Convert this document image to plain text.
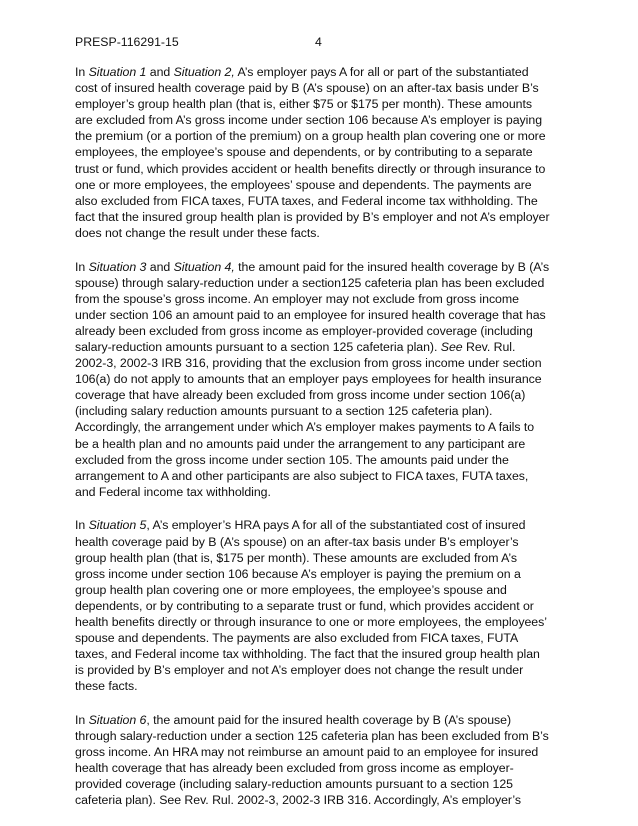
PRESP-116291-15	4

In Situation 1 and Situation 2, A’s employer pays A for all or part of the substantiated
cost of insured health coverage paid by B (A’s spouse) on an after-tax basis under B’s
employer’s group health plan (that is, either $75 or $175 per month). These amounts
are excluded from A’s gross income under section 106 because A’s employer is paying
the premium (or a portion of the premium) on a group health plan covering one or more
employees, the employee’s spouse and dependents, or by contributing to a separate
trust or fund, which provides accident or health benefits directly or through insurance to
one or more employees, the employees’ spouse and dependents. The payments are
also excluded from FICA taxes, FUTA taxes, and Federal income tax withholding. The
fact that the insured group health plan is provided by B’s employer and not A’s employer
does not change the result under these facts.

In Situation 3 and Situation 4, the amount paid for the insured health coverage by B (A’s
spouse) through salary-reduction under a section125 cafeteria plan has been excluded
from the spouse’s gross income. An employer may not exclude from gross income
under section 106 an amount paid to an employee for insured health coverage that has
already been excluded from gross income as employer-provided coverage (including
salary-reduction amounts pursuant to a section 125 cafeteria plan). See Rev. Rul.
2002-3, 2002-3 IRB 316, providing that the exclusion from gross income under section
106(a) do not apply to amounts that an employer pays employees for health insurance
coverage that have already been excluded from gross income under section 106(a)
(including salary reduction amounts pursuant to a section 125 cafeteria plan).
Accordingly, the arrangement under which A’s employer makes payments to A fails to
be a health plan and no amounts paid under the arrangement to any participant are
excluded from the gross income under section 105. The amounts paid under the
arrangement to A and other participants are also subject to FICA taxes, FUTA taxes,
and Federal income tax withholding.

In Situation 5, A’s employer’s HRA pays A for all of the substantiated cost of insured
health coverage paid by B (A’s spouse) on an after-tax basis under B’s employer’s
group health plan (that is, $175 per month). These amounts are excluded from A’s
gross income under section 106 because A’s employer is paying the premium on a
group health plan covering one or more employees, the employee’s spouse and
dependents, or by contributing to a separate trust or fund, which provides accident or
health benefits directly or through insurance to one or more employees, the employees’
spouse and dependents. The payments are also excluded from FICA taxes, FUTA
taxes, and Federal income tax withholding. The fact that the insured group health plan
is provided by B’s employer and not A’s employer does not change the result under
these facts.

In Situation 6, the amount paid for the insured health coverage by B (A’s spouse)
through salary-reduction under a section 125 cafeteria plan has been excluded from B’s
gross income. An HRA may not reimburse an amount paid to an employee for insured
health coverage that has already been excluded from gross income as employer-
provided coverage (including salary-reduction amounts pursuant to a section 125
cafeteria plan). See Rev. Rul. 2002-3, 2002-3 IRB 316. Accordingly, A’s employer’s
